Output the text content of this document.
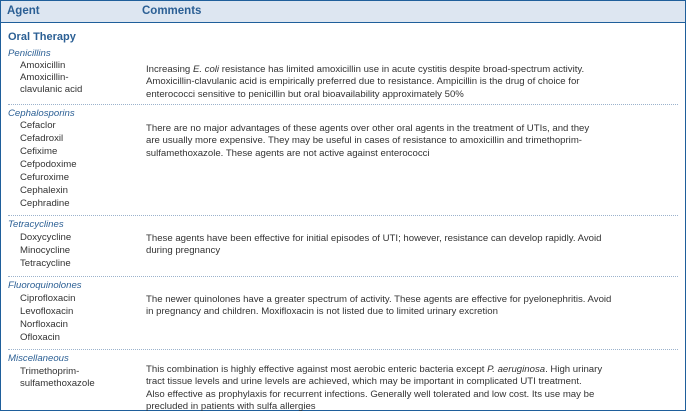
Agent	Comments
Oral Therapy
Penicillins
Amoxicillin
Amoxicillin-
clavulanic acid
Increasing E. coli resistance has limited amoxicillin use in acute cystitis despite broad-spectrum activity.
Amoxicillin-clavulanic acid is empirically preferred due to resistance. Ampicillin is the drug of choice for
enterococci sensitive to penicillin but oral bioavailability approximately 50%
Cephalosporins
Cefaclor
Cefadroxil
Cefixime
Cefpodoxime
Cefuroxime
Cephalexin
Cephradine
There are no major advantages of these agents over other oral agents in the treatment of UTIs, and they
are usually more expensive. They may be useful in cases of resistance to amoxicillin and trimethoprim-
sulfamethoxazole. These agents are not active against enterococci
Tetracyclines
Doxycycline
Minocycline
Tetracycline
These agents have been effective for initial episodes of UTI; however, resistance can develop rapidly. Avoid
during pregnancy
Fluoroquinolones
Ciprofloxacin
Levofloxacin
Norfloxacin
Ofloxacin
The newer quinolones have a greater spectrum of activity. These agents are effective for pyelonephritis. Avoid
in pregnancy and children. Moxifloxacin is not listed due to limited urinary excretion
Miscellaneous
Trimethoprim-
sulfamethoxazole
This combination is highly effective against most aerobic enteric bacteria except P. aeruginosa. High urinary
tract tissue levels and urine levels are achieved, which may be important in complicated UTI treatment.
Also effective as prophylaxis for recurrent infections. Generally well tolerated and low cost. Its use may be
precluded in patients with sulfa allergies
